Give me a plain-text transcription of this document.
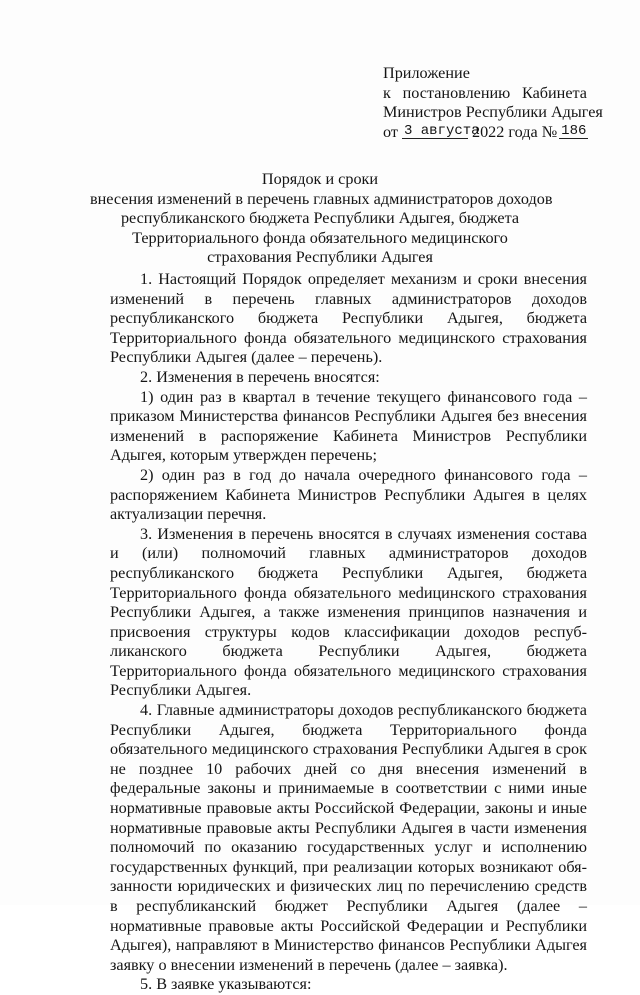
Приложение
к постановлению Кабинета
Министров Республики Адыгея
от 3 августа
2022 года № 186
Порядок и сроки
внесения изменений в перечень главных администраторов доходов
республиканского бюджета Республики Адыгея, бюджета
Территориального фонда обязательного медицинского
страхования Республики Адыгея

1. Настоящий Порядок определяет механизм и сроки внесения изменений в перечень главных администраторов доходов республиканского бюджета Республики Адыгея, бюджета Территориального фонда обязательного медицинского страхования Республики Адыгея (далее – перечень).

2. Изменения в перечень вносятся:

1) один раз в квартал в течение текущего финансового года – приказом Министерства финансов Республики Адыгея без внесения изменений в распоряжение Кабинета Министров Республики Адыгея, которым утвержден перечень;

2) один раз в год до начала очередного финансового года – распоряжением Кабинета Министров Республики Адыгея в целях актуализации перечня.

3. Изменения в перечень вносятся в случаях изменения состава и (или) полномочий главных администраторов доходов республиканского бюджета Республики Адыгея, бюджета Территориального фонда обязательного меdицинского страхования Республики Адыгея, а также изменения принципов назначения и присвоения структуры кодов классификации доходов республиканского бюджета Республики Адыгея, бюджета Территориального фонда обязательного медицинского страхования Республики Адыгея.

4. Главные администраторы доходов республиканского бюджета Республики Адыгея, бюджета Территориального фонда обязательного медицинского страхования Республики Адыгея в срок не позднее 10 рабочих дней со дня внесения изменений в федеральные законы и принимаемые в соответствии с ними иные нормативные правовые акты Российской Федерации, законы и иные нормативные правовые акты Республики Адыгея в части изменения полномочий по оказанию государственных услуг и исполнению государственных функций, при реализации которых возникают обязанности юридических и физических лиц по перечислению средств в республиканский бюджет Республики Адыгея (далее – нормативные правовые акты Российской Федерации и Республики Адыгея), направляют в Министерство финансов Республики Адыгея заявку о внесении изменений в перечень (далее – заявка).

5. В заявке указываются:
